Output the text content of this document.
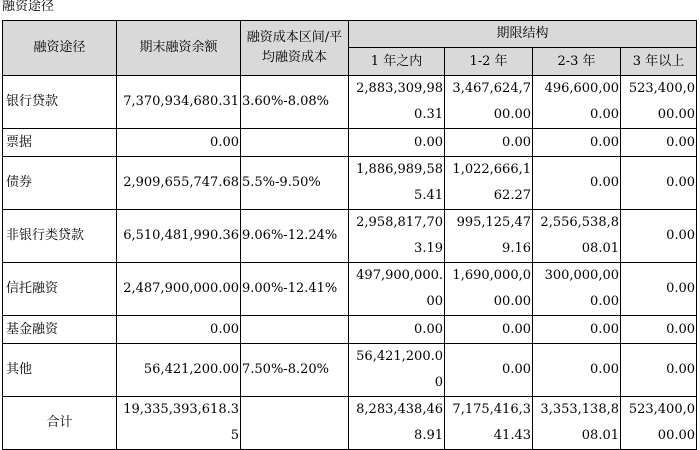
融资途径
融资途径	期末融资余额	融资成本区间/平均融资成本	期限结构			
			1 年之内	1-2 年	2-3 年	3 年以上
银行贷款	7,370,934,680.31	3.60%-8.08%	2,883,309,980.31	3,467,624,700.00	496,600,000.00	523,400,000.00
票据	0.00		0.00	0.00	0.00	0.00
债券	2,909,655,747.68	5.5%-9.50%	1,886,989,585.41	1,022,666,162.27	0.00	0.00
非银行类贷款	6,510,481,990.36	9.06%-12.24%	2,958,817,703.19	995,125,479.16	2,556,538,808.01	0.00
信托融资	2,487,900,000.00	9.00%-12.41%	497,900,000.00	1,690,000,000.00	300,000,000.00	0.00
基金融资	0.00		0.00	0.00	0.00	0.00
其他	56,421,200.00	7.50%-8.20%	56,421,200.00	0.00	0.00	0.00
合计	19,335,393,618.35		8,283,438,468.91	7,175,416,341.43	3,353,138,808.01	523,400,000.00
